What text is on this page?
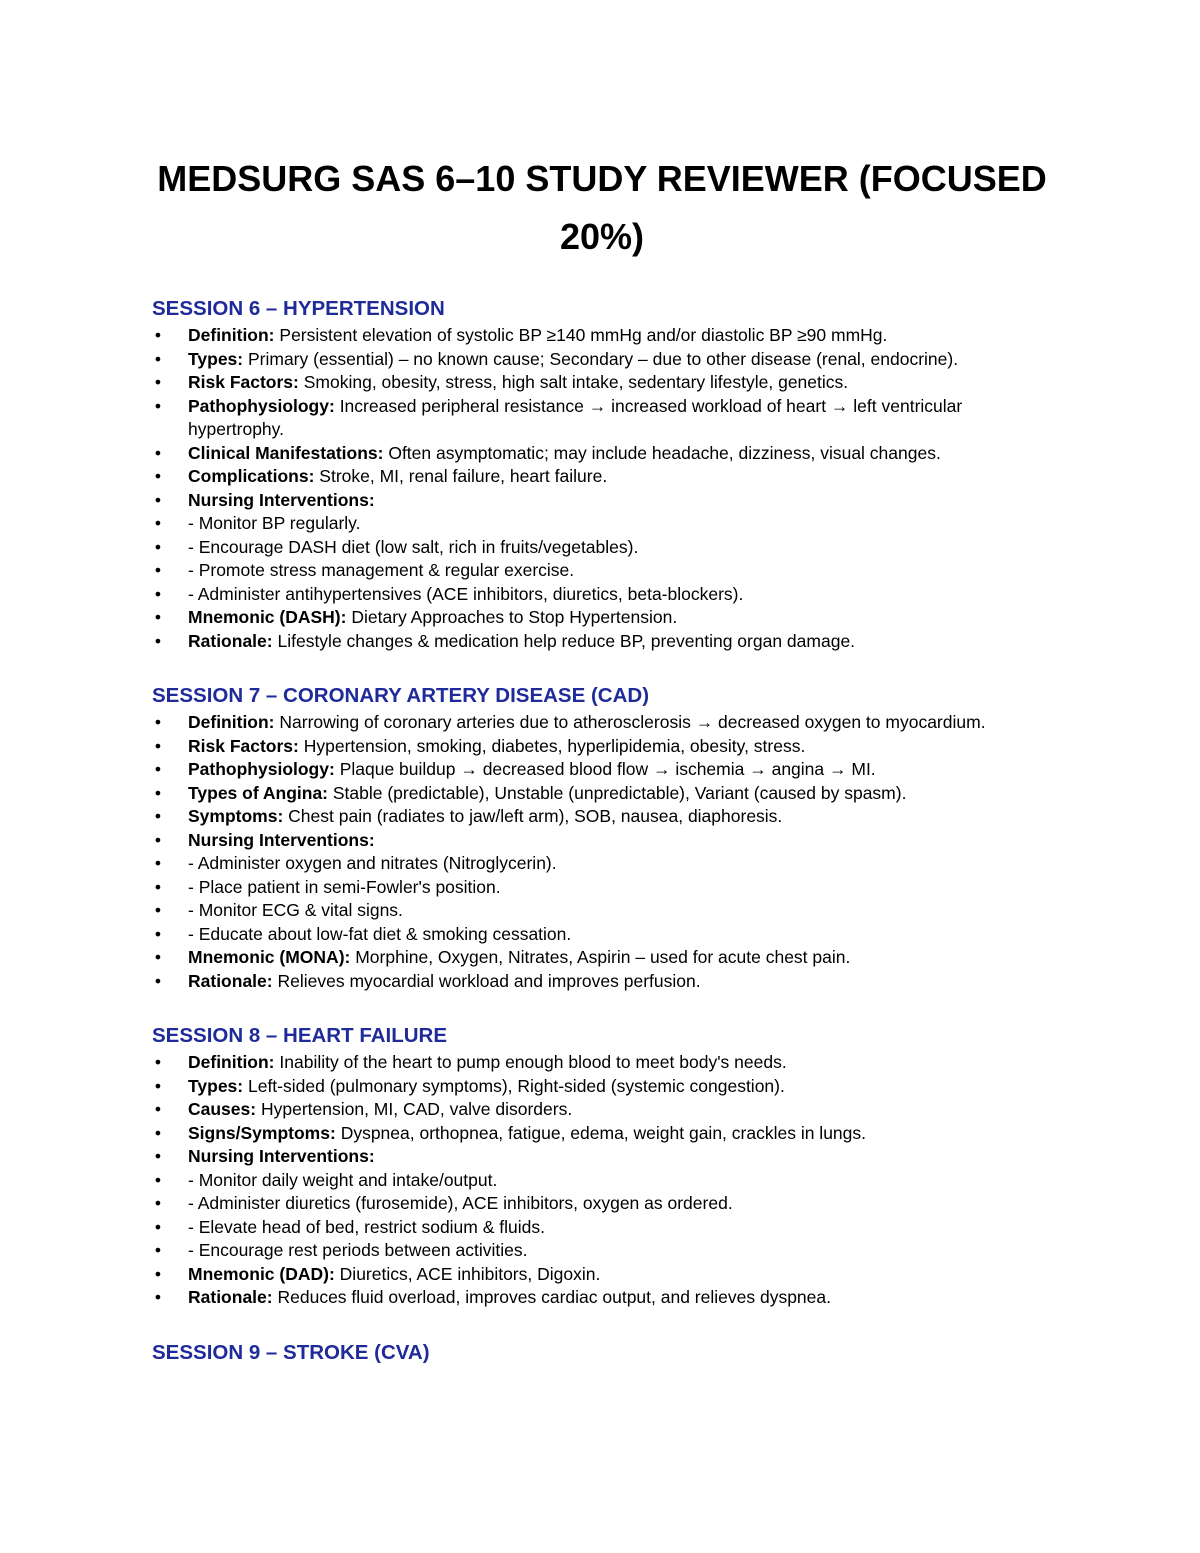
MEDSURG SAS 6–10 STUDY REVIEWER (FOCUSED 20%)
SESSION 6 – HYPERTENSION
• Definition: Persistent elevation of systolic BP ≥140 mmHg and/or diastolic BP ≥90 mmHg.
• Types: Primary (essential) – no known cause; Secondary – due to other disease (renal, endocrine).
• Risk Factors: Smoking, obesity, stress, high salt intake, sedentary lifestyle, genetics.
• Pathophysiology: Increased peripheral resistance → increased workload of heart → left ventricular hypertrophy.
• Clinical Manifestations: Often asymptomatic; may include headache, dizziness, visual changes.
• Complications: Stroke, MI, renal failure, heart failure.
• Nursing Interventions:
• - Monitor BP regularly.
• - Encourage DASH diet (low salt, rich in fruits/vegetables).
• - Promote stress management & regular exercise.
• - Administer antihypertensives (ACE inhibitors, diuretics, beta-blockers).
• Mnemonic (DASH): Dietary Approaches to Stop Hypertension.
• Rationale: Lifestyle changes & medication help reduce BP, preventing organ damage.
SESSION 7 – CORONARY ARTERY DISEASE (CAD)
• Definition: Narrowing of coronary arteries due to atherosclerosis → decreased oxygen to myocardium.
• Risk Factors: Hypertension, smoking, diabetes, hyperlipidemia, obesity, stress.
• Pathophysiology: Plaque buildup → decreased blood flow → ischemia → angina → MI.
• Types of Angina: Stable (predictable), Unstable (unpredictable), Variant (caused by spasm).
• Symptoms: Chest pain (radiates to jaw/left arm), SOB, nausea, diaphoresis.
• Nursing Interventions:
• - Administer oxygen and nitrates (Nitroglycerin).
• - Place patient in semi-Fowler's position.
• - Monitor ECG & vital signs.
• - Educate about low-fat diet & smoking cessation.
• Mnemonic (MONA): Morphine, Oxygen, Nitrates, Aspirin – used for acute chest pain.
• Rationale: Relieves myocardial workload and improves perfusion.
SESSION 8 – HEART FAILURE
• Definition: Inability of the heart to pump enough blood to meet body's needs.
• Types: Left-sided (pulmonary symptoms), Right-sided (systemic congestion).
• Causes: Hypertension, MI, CAD, valve disorders.
• Signs/Symptoms: Dyspnea, orthopnea, fatigue, edema, weight gain, crackles in lungs.
• Nursing Interventions:
• - Monitor daily weight and intake/output.
• - Administer diuretics (furosemide), ACE inhibitors, oxygen as ordered.
• - Elevate head of bed, restrict sodium & fluids.
• - Encourage rest periods between activities.
• Mnemonic (DAD): Diuretics, ACE inhibitors, Digoxin.
• Rationale: Reduces fluid overload, improves cardiac output, and relieves dyspnea.
SESSION 9 – STROKE (CVA)
